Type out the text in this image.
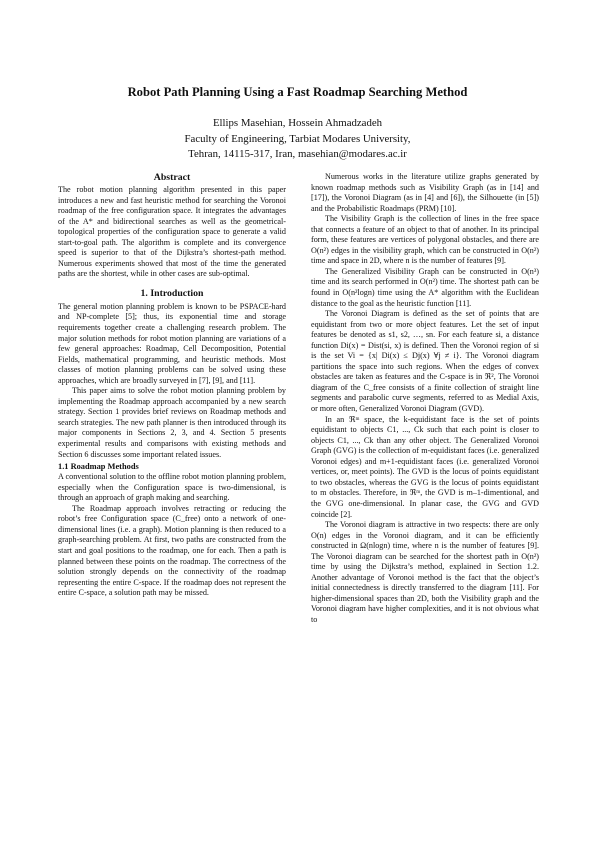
Robot Path Planning Using a Fast Roadmap Searching Method
Ellips Masehian, Hossein Ahmadzadeh
Faculty of Engineering, Tarbiat Modares University,
Tehran, 14115-317, Iran, masehian@modares.ac.ir
Abstract

The robot motion planning algorithm presented in this paper introduces a new and fast heuristic method for searching the Voronoi roadmap of the free configuration space. It integrates the advantages of the A* and bidirectional searches as well as the geometrical-topological properties of the configuration space to generate a valid start-to-goal path. The algorithm is complete and its convergence speed is superior to that of the Dijkstra’s shortest-path method. Numerous experiments showed that most of the time the generated paths are the shortest, while in other cases are sub-optimal.

1. Introduction

The general motion planning problem is known to be PSPACE-hard and NP-complete [5]; thus, its exponential time and storage requirements together create a challenging research problem. The major solution methods for robot motion planning are variations of a few general approaches: Roadmap, Cell Decomposition, Potential Fields, mathematical programming, and heuristic methods. Most classes of motion planning problems can be solved using these approaches, which are broadly surveyed in [7], [9], and [11].

This paper aims to solve the robot motion planning problem by implementing the Roadmap approach accompanied by a new search strategy. Section 1 provides brief reviews on Roadmap methods and search strategies. The new path planner is then introduced through its major components in Sections 2, 3, and 4. Section 5 presents experimental results and comparisons with existing methods and Section 6 discusses some important related issues.

1.1 Roadmap Methods

A conventional solution to the offline robot motion planning problem, especially when the Configuration space is two-dimensional, is through an approach of graph making and searching.

The Roadmap approach involves retracting or reducing the robot’s free Configuration space (C_free) onto a network of one-dimensional lines (i.e. a graph). Motion planning is then reduced to a graph-searching problem. At first, two paths are constructed from the start and goal positions to the roadmap, one for each. Then a path is planned between these points on the roadmap. The correctness of the solution strongly depends on the connectivity of the roadmap representing the entire C-space. If the roadmap does not represent the entire C-space, a solution path may be missed.

Numerous works in the literature utilize graphs generated by known roadmap methods such as Visibility Graph (as in [14] and [17]), the Voronoi Diagram (as in [4] and [6]), the Silhouette (in [5]) and the Probabilistic Roadmaps (PRM) [10].

The Visibility Graph is the collection of lines in the free space that connects a feature of an object to that of another. In its principal form, these features are vertices of polygonal obstacles, and there are O(n²) edges in the visibility graph, which can be constructed in O(n²) time and space in 2D, where n is the number of features [9].

The Generalized Visibility Graph can be constructed in O(n³) time and its search performed in O(n²) time. The shortest path can be found in O(n²logn) time using the A* algorithm with the Euclidean distance to the goal as the heuristic function [11].

The Voronoi Diagram is defined as the set of points that are equidistant from two or more object features. Let the set of input features be denoted as s1, s2, …, sn. For each feature si, a distance function Di(x) = Dist(si, x) is defined. Then the Voronoi region of si is the set Vi = {x| Di(x) ≤ Dj(x) ∀j ≠ i}. The Voronoi diagram partitions the space into such regions. When the edges of convex obstacles are taken as features and the C-space is in ℜ², The Voronoi diagram of the C_free consists of a finite collection of straight line segments and parabolic curve segments, referred to as Medial Axis, or more often, Generalized Voronoi Diagram (GVD).

In an ℜᵐ space, the k-equidistant face is the set of points equidistant to objects C1, ..., Ck such that each point is closer to objects C1, ..., Ck than any other object. The Generalized Voronoi Graph (GVG) is the collection of m-equidistant faces (i.e. generalized Voronoi edges) and m+1-equidistant faces (i.e. generalized Voronoi vertices, or, meet points). The GVD is the locus of points equidistant to two obstacles, whereas the GVG is the locus of points equidistant to m obstacles. Therefore, in ℜᵐ, the GVD is m–1-dimentional, and the GVG one-dimensional. In planar case, the GVG and GVD coincide [2].

The Voronoi diagram is attractive in two respects: there are only O(n) edges in the Voronoi diagram, and it can be efficiently constructed in Ω(nlogn) time, where n is the number of features [9]. The Voronoi diagram can be searched for the shortest path in O(n²) time by using the Dijkstra’s method, explained in Section 1.2. Another advantage of Voronoi method is the fact that the object’s initial connectedness is directly transferred to the diagram [11]. For higher-dimensional spaces than 2D, both the Visibility graph and the Voronoi diagram have higher complexities, and it is not obvious what to
